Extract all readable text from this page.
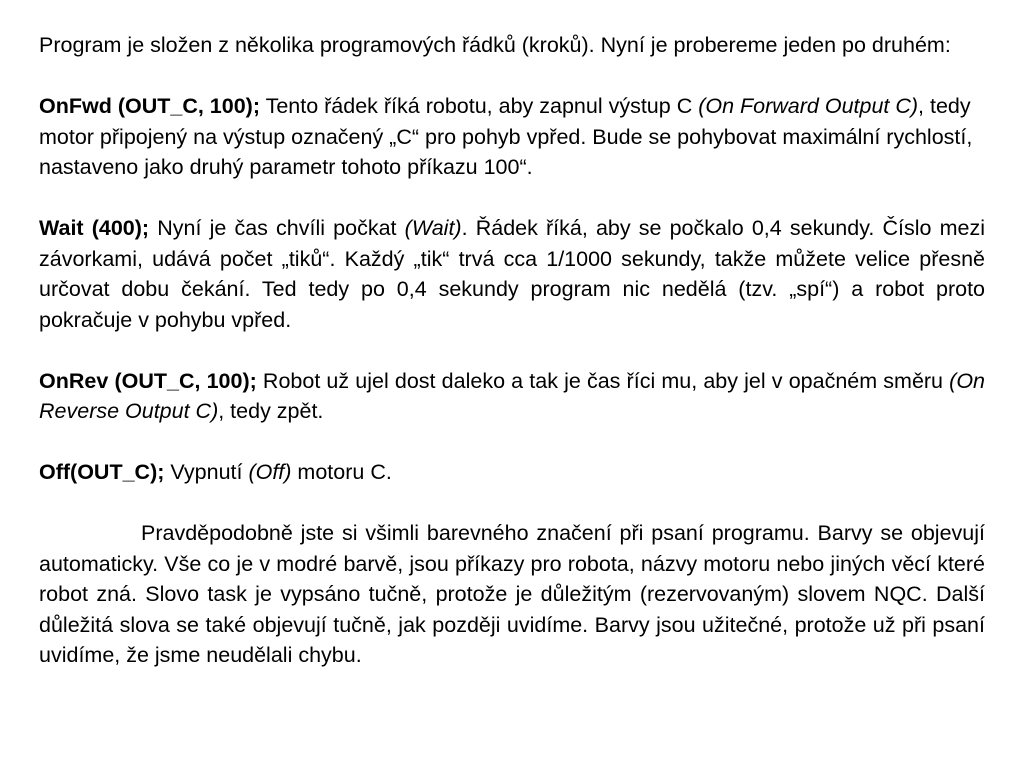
Program je složen z několika programových řádků (kroků). Nyní je probereme jeden po druhém:

OnFwd (OUT_C, 100); Tento řádek říká robotu, aby zapnul výstup C (On Forward Output C), tedy motor připojený na výstup označený „C“ pro pohyb vpřed. Bude se pohybovat maximální rychlostí, nastaveno jako druhý parametr tohoto příkazu 100“.

Wait (400); Nyní je čas chvíli počkat (Wait). Řádek říká, aby se počkalo 0,4 sekundy. Číslo mezi závorkami, udává počet „tiků“. Každý „tik“ trvá cca 1/1000 sekundy, takže můžete velice přesně určovat dobu čekání. Ted tedy po 0,4 sekundy program nic nedělá (tzv. „spí“) a robot proto pokračuje v pohybu vpřed.

OnRev (OUT_C, 100); Robot už ujel dost daleko a tak je čas říci mu, aby jel v opačném směru (On Reverse Output C), tedy zpět.

Off(OUT_C); Vypnutí (Off) motoru C.

Pravděpodobně jste si všimli barevného značení při psaní programu. Barvy se objevují automaticky. Vše co je v modré barvě, jsou příkazy pro robota, názvy motoru nebo jiných věcí které robot zná. Slovo task je vypsáno tučně, protože je důležitým (rezervovaným) slovem NQC. Další důležitá slova se také objevují tučně, jak později uvidíme. Barvy jsou užitečné, protože už při psaní uvidíme, že jsme neudělali chybu.
